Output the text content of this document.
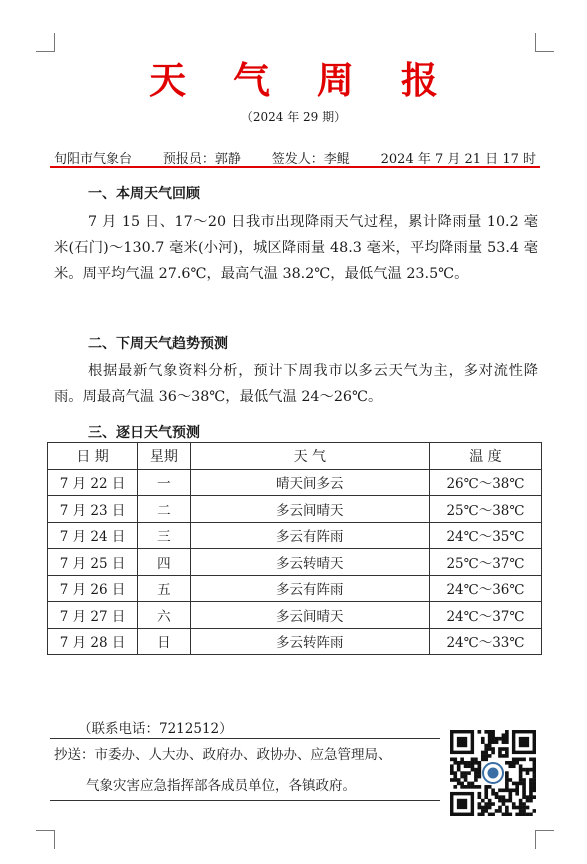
天 气 周 报
（2024 年 29 期）
旬阳市气象台 预报员：郭静 签发人：李鲲 2024 年 7 月 21 日 17 时
一、本周天气回顾
7 月 15 日、17～20 日我市出现降雨天气过程，累计降雨量 10.2 毫米(石门)～130.7 毫米(小河)，城区降雨量 48.3 毫米，平均降雨量 53.4 毫米。周平均气温 27.6℃，最高气温 38.2℃，最低气温 23.5℃。
二、下周天气趋势预测
根据最新气象资料分析，预计下周我市以多云天气为主，多对流性降雨。周最高气温 36～38℃，最低气温 24～26℃。
三、逐日天气预测
日 期	星期	天 气	温 度
7 月 22 日	一	晴天间多云	26℃～38℃
7 月 23 日	二	多云间晴天	25℃～38℃
7 月 24 日	三	多云有阵雨	24℃～35℃
7 月 25 日	四	多云转晴天	25℃～37℃
7 月 26 日	五	多云有阵雨	24℃～36℃
7 月 27 日	六	多云间晴天	24℃～37℃
7 月 28 日	日	多云转阵雨	24℃～33℃
（联系电话：7212512）
抄送：市委办、人大办、政府办、政协办、应急管理局、
气象灾害应急指挥部各成员单位，各镇政府。
